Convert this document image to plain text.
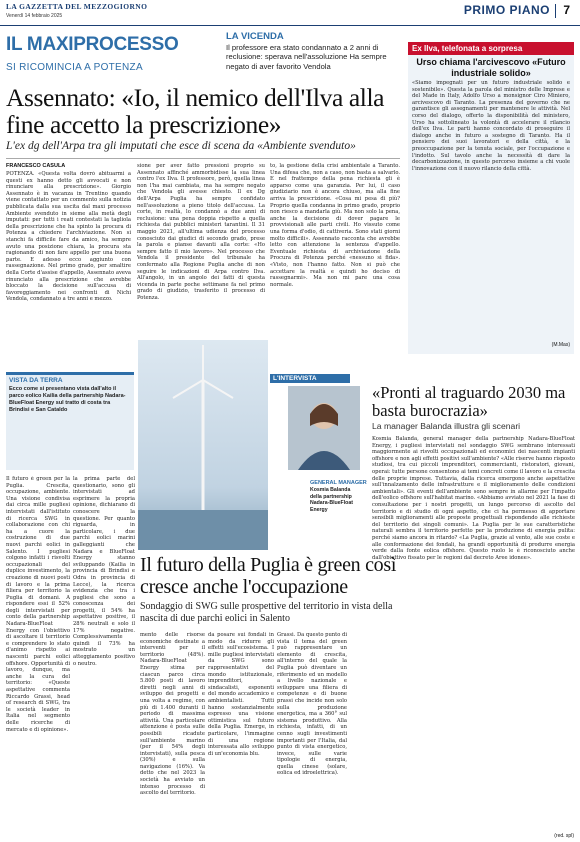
LA GAZZETTA DEL MEZZOGIORNO
Venerdì 14 febbraio 2025	PRIMO PIANO 7
IL MAXIPROCESSO
SI RICOMINCIA A POTENZA
LA VICENDA
Il professore era stato condannato a 2 anni di reclusione: sperava nell'assoluzione Ha sempre negato di aver favorito Vendola
Assennato: «Io, il nemico dell'Ilva alla fine accetto la prescrizione»
L'ex dg dell'Arpa tra gli imputati che esce di scena da «Ambiente svenduto»
FRANCESCO CASULA
POTENZA. «Questa volta dovrò abituarmi a questi ex hanno detto gli avvocati e non rinunciare alla prescrizione». Giorgio Assennato è in vacanza in Trentino quando viene contattato per un commento sulla notizia pubblicata dalla sua uscita dal maxi processo Ambiente svenduto in sieme alla metà degli imputati: per tutti i reati contestati la tagliola della prescrizione che ha spinto la procura di Potenza a chiedere l'archiviazione. Non si stanchi fa difficile fare da amico, ha sempre avuto una posizione chiara, la procura sta ragionando di non fare appello per una buona parte. E adesso ecco aggiunto con rassegnazione. Nel primo grado, per smaltire della Corte d'assise d'appello, Assennato aveva rinunciato alla prescrizione che avrebbe bloccato la decisione sull'accusa di favoreggiamento nei confronti di Nichi Vendola, condannato a tre anni e mezzo.
sione per aver fatto pressioni proprio su Assennato affinché ammorbidisse la sua linea contro l'ex Ilva. Il professore, però, quella linea non l'ha mai cambiata, ma ha sempre negato che Vendola gli avesse chiesto. Il ex Dg dell'Arpa Puglia ha sempre confidato nell'assoluzione a pieno titolo dell'accusa. La corte, in realtà, lo condannò a due anni di reclusione: una pena doppia rispetto a quella richiesta dai pubblici ministeri tarantini. Il 31 maggio 2021, all'ultima udienza del processo conosciuto dai giudici di secondo grado, prese la parola e pianse davanti alla corte: «Ho sempre fatto il mio lavoro». Nel processo che Vendola il presidente del tribunale ha confermato alla Regione Puglia anche di non seguire le indicazioni di Arpa contro Ilva. All'angolo, in un angolo dei fatti di questa vicenda in parte poche settimane fa nel primo grado di giudizio, trasferito il processo di Potenza.
to, la gestione della crisi ambientale a Taranto. Una difesa che, non a caso, non basta a salvarlo. E nel frattempo della pena richiesta gli è apparso come una garanzia. Per lui, il caso giudiziario non è ancora chiuso, ma alla fine arriva la prescrizione. «Cosa mi pesa di più? Proprio quella condanna in primo grado, proprio non riesco a mandarla giù. Ma non solo la pena, anche la decisione di dover pagare le provvisionali alle parti civili. Ho vissuto come una forma d'odio, di cattiveria. Sono stati giorni molto difficili». Assennato racconta che avrebbe letto con attenzione la sentenza d'appello. Eventuale richiesta di archiviazione della Procura di Potenza perché «nessuno si fida». «Visto, non l'hanno fatto. Non si può che accettare la realtà e quindi ho deciso di rassegnarmi». Ma non mi pare una cosa normale.
Ex Ilva, telefonata a sorpresa
Urso chiama l'arcivescovo «Futuro industriale solido»
«Siamo impegnati per un futuro industriale solido e sostenibile». Questa la parola del ministro delle Imprese e del Made in Italy, Adolfo Urso a monsignor Ciro Miniero, arcivescovo di Taranto. La presenza del governo che ne garantisce gli assegnamenti per mantenere le attività. Nel corso del dialogo, offerto la disponibilità del ministero, Urso ha sottolineato la volontà di accelerare il rilancio dell'ex Ilva. Le parti hanno concordato di proseguire il dialogo anche in futuro a sostegno di Taranto. Ha il pensiero dei suoi lavoratori e della città, e la preoccupazione per la tenuta sociale, per l'occupazione e l'indotto. Sul tavolo anche la necessità di dare la decarbonizzazione, in questo percorso insieme a chi vuole l'innovazione con il nuovo rilancio della città.
(M.Mas)
VISTA DA TERRA
Ecco come si presentano vista dall'alto il parco eolico Kailia della partnership Nadara-BlueFloat Energy sul tratto di costa tra Brindisi e San Cataldo
Il futuro della Puglia è green così cresce anche l'occupazione
Sondaggio di SWG sulle prospettive del territorio in vista della nascita di due parchi eolici in Salento
Il futuro è green per la Puglia. Crescita, occupazione, ambiente. Una visione condivisa dai circa mille pugliesi intervistati dall'istituto di ricerca SWG in collaborazione con chi ha a cuore la costruzione di due nuovi parchi eolici in Salento. I pugliesi colgono infatti i risvolti occupazionali del duplice investimento, la creazione di nuovi posti di lavoro e la prima filiera per territorio la Puglia di domani. A rispondere essi il 52% degli intervistati per conto della partnership Nadara-BlueFloat Energy con l'obiettivo di ascoltare il territorio e comprendere lo stato d'animo rispetto ai nascenti parchi eolici offshore. Opportunità di lavoro, dunque, ma anche la cura del territorio: «Queste aspettative commenta Riccardo Grassi, head of research di SWG, tra le società leader in Italia nel segmento delle ricerche di mercato e di opinione».
la prima parte del questionario, sono gli intervistati ad esprimere la propria opinione, dichiarano di conoscere la questione. Per quanto riguarda, in particolare, i due parchi eolici marini galleggianti che Nadara e BlueFloat Energy stanno sviluppando (Kailia in provincia di Brindisi e Odra in provincia di Lecce), la ricerca evidenzia che tra i pugliesi che sono a conoscenza dei progetti, il 54% ha aspettative positive, il 28% neutrali e solo il 17% negative. Complessivamente quindi il 73% ha mostrato un atteggiamento positivo o neutro.
mento delle risorse economiche destinate a interventi per il territorio (48%). Nadara-BlueFloat Energy stima per ciascun parco circa 5.800 posti di lavoro diretti negli anni di sviluppo dei progetti e una volta a regime, con più di 1.400 duranti il periodo di massima attività. Una particolare attenzione è posta sulle possibili ricadute sull'ambiente marino (per il 54% degli intervistati), sulla pesca (30%) e sulla navigazione (16%). Va detto che nel 2023 la società ha avviato un intenso processo di ascolto del territorio.
da posare sui fondali in modo da ridurre gli effetti sull'ecosistema. I mille pugliesi intervistati da SWG sono rappresentativi del mondo istituzionale, imprenditori, sindacalisti, esponenti del mondo accademico e ambientalisti. Tutti hanno sostanzialmente espresso una visione ottimistica sul futuro della Puglia. Emerge, in particolare, l'immagine di una regione interessata allo sviluppo di un'economia blu.
Grassi. Da questo punto di vista il tema del green può rappresentare un elemento di crescita, all'interno del quale la Puglia può diventare un riferimento ed un modello a livello nazionale e sviluppare una filiera di competenze e di buone prassi che incide non solo sulla produzione energetica, ma a 360° sul sistema produttivo. Alla richiesta, infatti, di un cenno sugli investimenti importanti per l'Italia, dal punto di vista energetico, invece, sulle varie tipologie di energia, quella cinese (solare, eolica ed idroelettrica).
L'INTERVISTA
GENERAL MANAGER
Kosmia Balanda della partnership Nadara-BlueFloat Energy
«Pronti al traguardo 2030 ma basta burocrazia»
La manager Balanda illustra gli scenari
Kosmia Balanda, general manager della partnership Nadara-BlueFloat Energy, i pugliesi intervistati nel sondaggio SWG sembrano interessati maggiormente ai risvolti occupazionali ed economici dei nascenti impianti offshore e non agli effetti positivi sull'ambiente? «Alle riserve hanno risposto studiosi, tra cui piccoli imprenditori, commercianti, ristoratori, giovani, operai: tutte persone consentono ai temi concreti come il lavoro e la crescita delle proprie imprese. Tuttavia, dalla ricerca emergono anche aspettative sull'innalzamento delle infrastrutture e il miglioramento delle condizioni ambientali». Gli eventi dell'ambiente sono sempre in allarme per l'impatto dell'eolico offshore sull'habitat marino. «Abbiamo avviato nel 2021 la fase di consultazione per i nostri progetti, un lungo percorso di ascolto del territorio e di studio di ogni aspetto, che ci ha permesso di apportare sensibili miglioramenti alle proposte progettuali rispondendo alle richieste del territorio dei singoli comuni». La Puglia per le sue caratteristiche naturali sembra il territorio perfetto per la produzione di energia pulita: perché siamo ancora in ritardo? «La Puglia, grazie al vento, alle sue coste e alle conformazione dei fondali, ha grandi opportunità di produrre energia verde dalla fonte eolica offshore. Questo ruolo le è riconosciuto anche dall'obiettivo fissato per le regioni dal decreto Aree idonee».
(red. spl)
